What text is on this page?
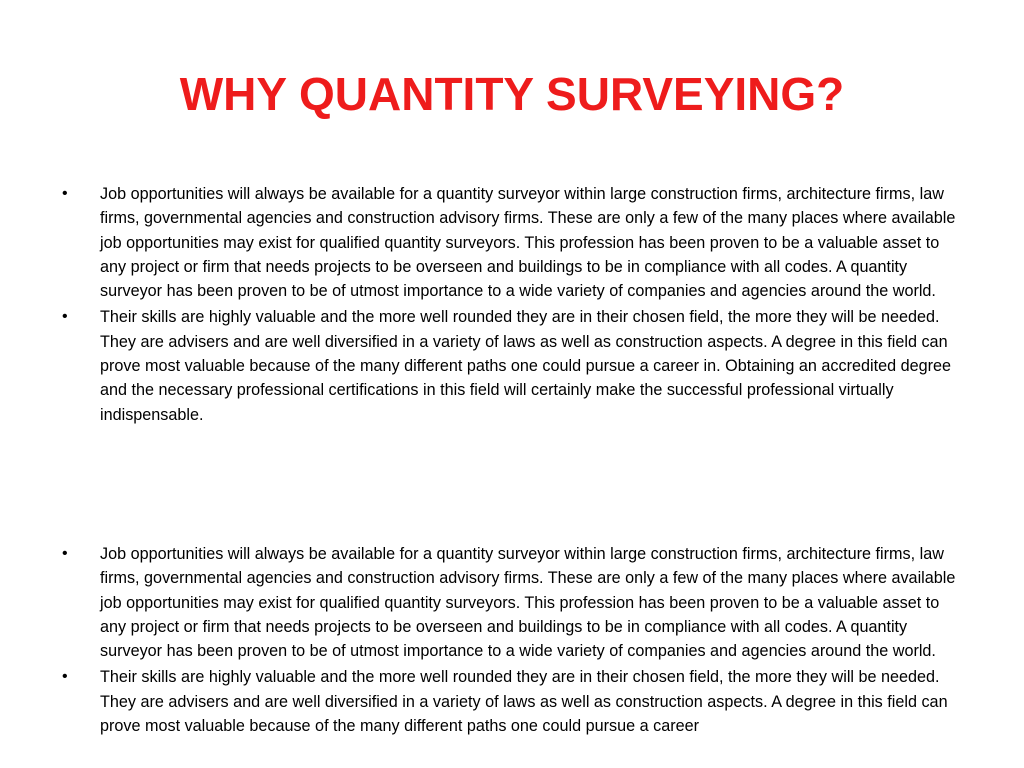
WHY QUANTITY SURVEYING?
• Job opportunities will always be available for a quantity surveyor within large construction firms, architecture firms, law firms, governmental agencies and construction advisory firms. These are only a few of the many places where available job opportunities may exist for qualified quantity surveyors. This profession has been proven to be a valuable asset to any project or firm that needs projects to be overseen and buildings to be in compliance with all codes. A quantity surveyor has been proven to be of utmost importance to a wide variety of companies and agencies around the world.
• Their skills are highly valuable and the more well rounded they are in their chosen field, the more they will be needed. They are advisers and are well diversified in a variety of laws as well as construction aspects. A degree in this field can prove most valuable because of the many different paths one could pursue a career in. Obtaining an accredited degree and the necessary professional certifications in this field will certainly make the successful professional virtually indispensable.
• Job opportunities will always be available for a quantity surveyor within large construction firms, architecture firms, law firms, governmental agencies and construction advisory firms. These are only a few of the many places where available job opportunities may exist for qualified quantity surveyors. This profession has been proven to be a valuable asset to any project or firm that needs projects to be overseen and buildings to be in compliance with all codes. A quantity surveyor has been proven to be of utmost importance to a wide variety of companies and agencies around the world.
• Their skills are highly valuable and the more well rounded they are in their chosen field, the more they will be needed. They are advisers and are well diversified in a variety of laws as well as construction aspects. A degree in this field can prove most valuable because of the many different paths one could pursue a career
